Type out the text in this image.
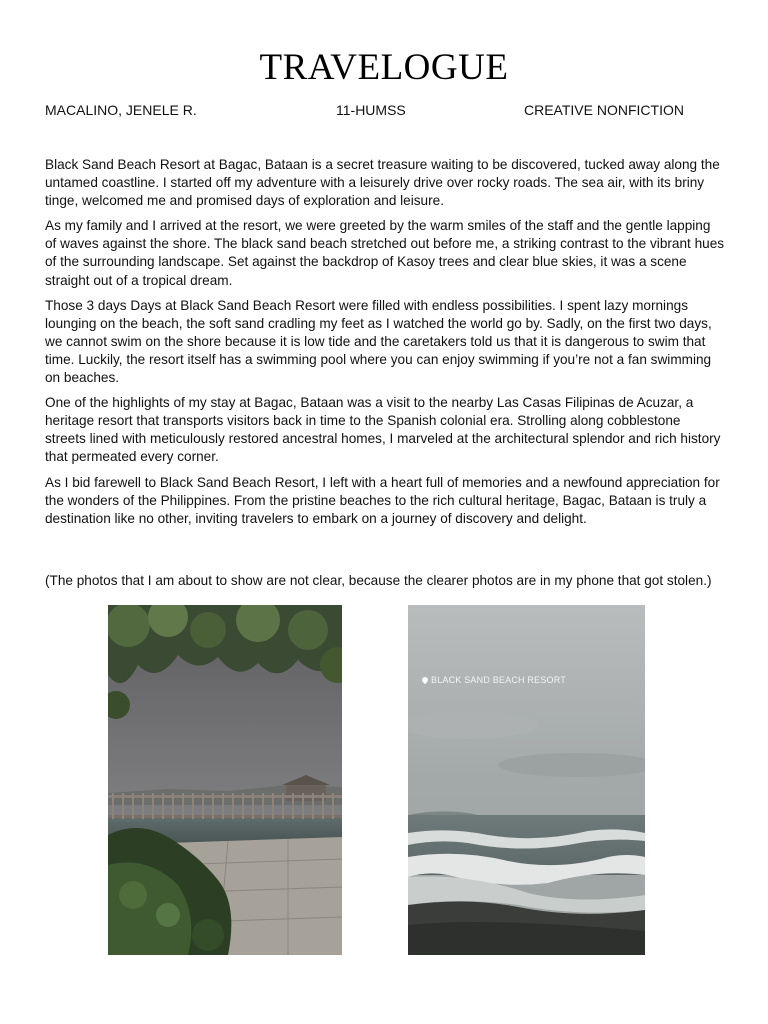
TRAVELOGUE
MACALINO, JENELE R.	11-HUMSS	CREATIVE NONFICTION

Black Sand Beach Resort at Bagac, Bataan is a secret treasure waiting to be discovered, tucked away along the untamed coastline. I started off my adventure with a leisurely drive over rocky roads. The sea air, with its briny tinge, welcomed me and promised days of exploration and leisure.

As my family and I arrived at the resort, we were greeted by the warm smiles of the staff and the gentle lapping of waves against the shore. The black sand beach stretched out before me, a striking contrast to the vibrant hues of the surrounding landscape. Set against the backdrop of Kasoy trees and clear blue skies, it was a scene straight out of a tropical dream.

Those 3 days Days at Black Sand Beach Resort were filled with endless possibilities. I spent lazy mornings lounging on the beach, the soft sand cradling my feet as I watched the world go by. Sadly, on the first two days, we cannot swim on the shore because it is low tide and the caretakers told us that it is dangerous to swim that time. Luckily, the resort itself has a swimming pool where you can enjoy swimming if you’re not a fan swimming on beaches.

One of the highlights of my stay at Bagac, Bataan was a visit to the nearby Las Casas Filipinas de Acuzar, a heritage resort that transports visitors back in time to the Spanish colonial era. Strolling along cobblestone streets lined with meticulously restored ancestral homes, I marveled at the architectural splendor and rich history that permeated every corner.

As I bid farewell to Black Sand Beach Resort, I left with a heart full of memories and a newfound appreciation for the wonders of the Philippines. From the pristine beaches to the rich cultural heritage, Bagac, Bataan is truly a destination like no other, inviting travelers to embark on a journey of discovery and delight.

(The photos that I am about to show are not clear, because the clearer photos are in my phone that got stolen.)
BLACK SAND BEACH RESORT
